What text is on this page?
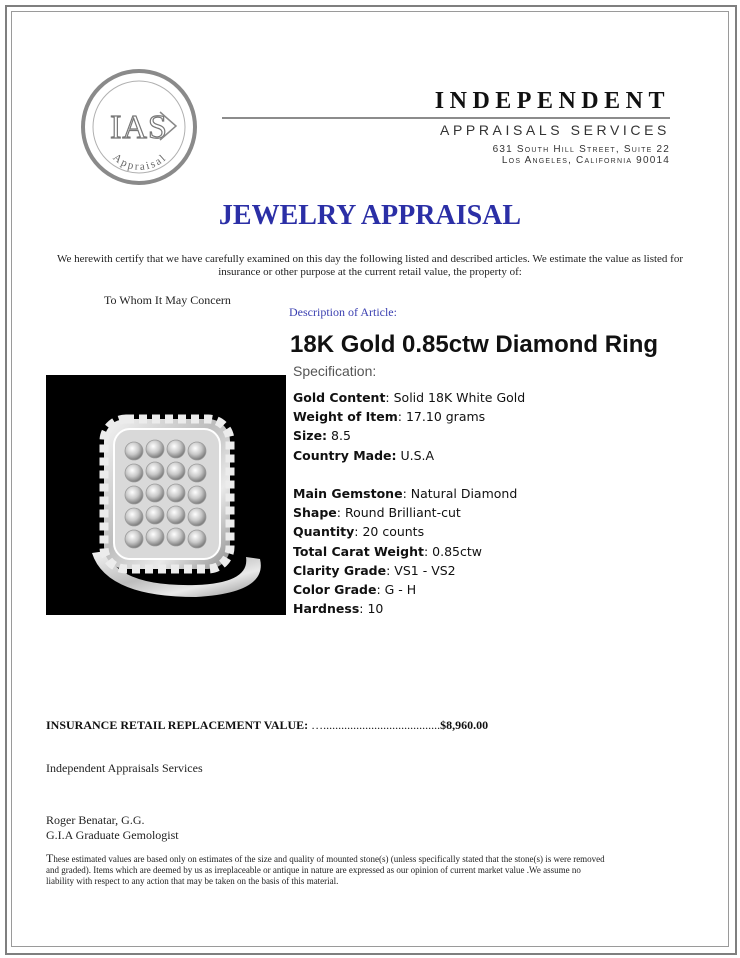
IAS
Appraisal
INDEPENDENT
APPRAISALS SERVICES
631 South Hill Street, Suite 22
Los Angeles, California 90014
JEWELRY APPRAISAL
We herewith certify that we have carefully examined on this day the following listed and described articles. We estimate the value as listed for insurance or other purpose at the current retail value, the property of:
To Whom It May Concern
Description of Article:
18K Gold 0.85ctw Diamond Ring
Specification:
Gold Content: Solid 18K White Gold
Weight of Item: 17.10 grams
Size: 8.5
Country Made: U.S.A
Main Gemstone: Natural Diamond
Shape: Round Brilliant-cut
Quantity: 20 counts
Total Carat Weight: 0.85ctw
Clarity Grade: VS1 - VS2
Color Grade: G - H
Hardness: 10
INSURANCE RETAIL REPLACEMENT VALUE: ….......................................$8,960.00
Independent Appraisals Services
Roger Benatar, G.G.
G.I.A Graduate Gemologist
These estimated values are based only on estimates of the size and quality of mounted stone(s) (unless specifically stated that the stone(s) is were removed and graded). Items which are deemed by us as irreplaceable or antique in nature are expressed as our opinion of current market value .We assume no liability with respect to any action that may be taken on the basis of this material.
